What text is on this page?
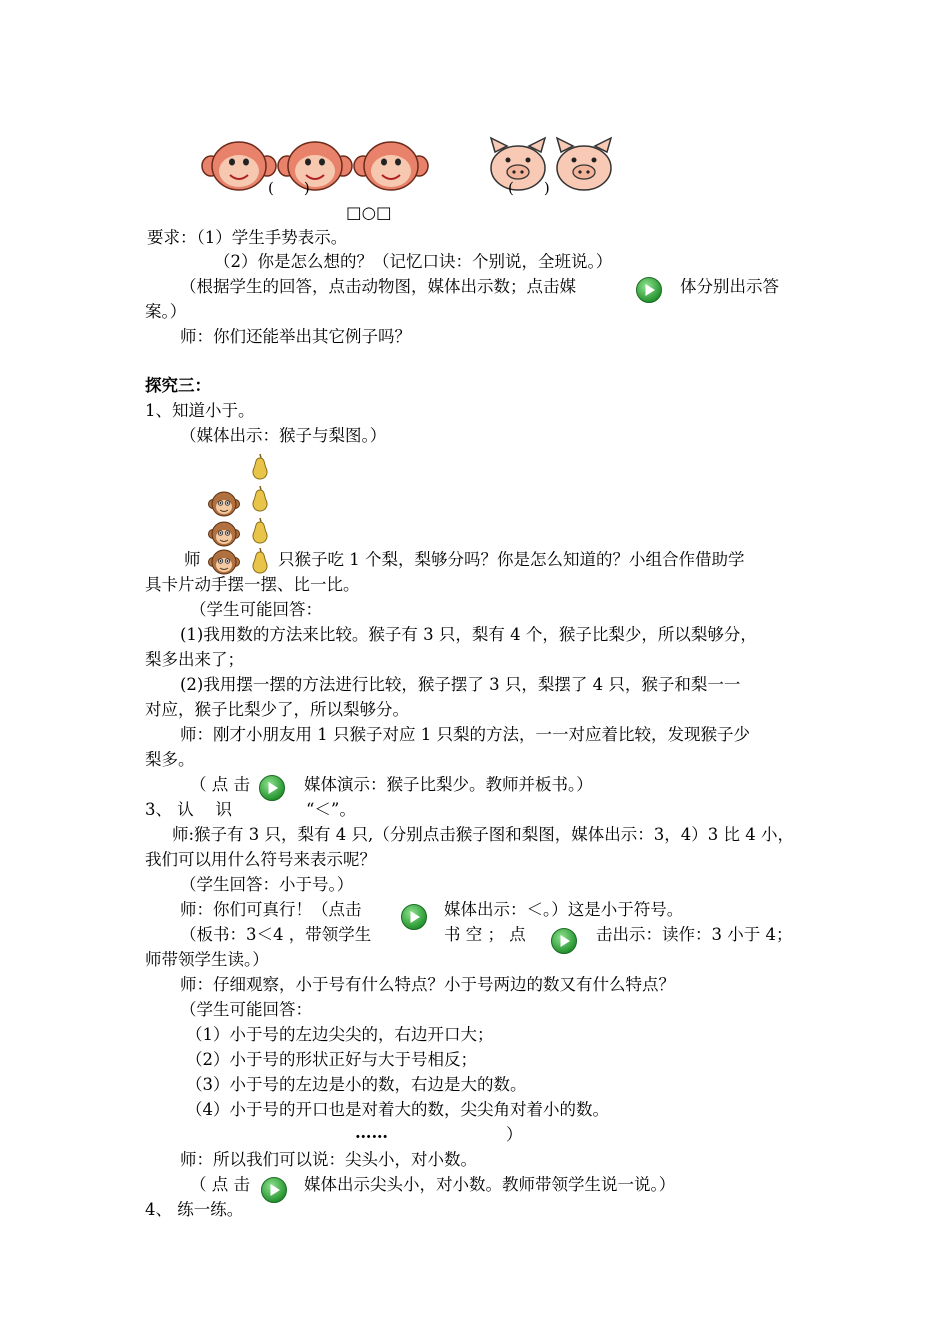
(　　)	(　　)
□○□
要求：（1）学生手势表示。
（2）你是怎么想的？（记忆口诀：个别说，全班说。）
（根据学生的回答，点击动物图，媒体出示数；点击媒	体分别出示答
案。）
师：你们还能举出其它例子吗？
探究三：
1、知道小于。
（媒体出示：猴子与梨图。）
师	只猴子吃 1 个梨，梨够分吗？你是怎么知道的？小组合作借助学
具卡片动手摆一摆、比一比。
（学生可能回答：
(1)我用数的方法来比较。猴子有 3 只，梨有 4 个，猴子比梨少，所以梨够分，
梨多出来了；
(2)我用摆一摆的方法进行比较，猴子摆了 3 只，梨摆了 4 只，猴子和梨一一
对应，猴子比梨少了，所以梨够分。
师：刚才小朋友用 1 只猴子对应 1 只梨的方法，一一对应着比较，发现猴子少
梨多。
（ 点 击	媒体演示：猴子比梨少。教师并板书。）
3、 认　 识	“＜”。
师:猴子有 3 只，梨有 4 只,（分别点击猴子图和梨图，媒体出示：3，4）3 比 4 小，
我们可以用什么符号来表示呢？
（学生回答：小于号。）
师：你们可真行！（点击	媒体出示：＜。）这是小于符号。
（板书：3＜4 ，带领学生	书 空 ； 点	击出示：读作：3 小于 4；
师带领学生读。）
师：仔细观察，小于号有什么特点？小于号两边的数又有什么特点？
（学生可能回答：
（1）小于号的左边尖尖的，右边开口大；
（2）小于号的形状正好与大于号相反；
（3）小于号的左边是小的数，右边是大的数。
（4）小于号的开口也是对着大的数，尖尖角对着小的数。
……	）
师：所以我们可以说：尖头小，对小数。
（ 点 击	媒体出示尖头小，对小数。教师带领学生说一说。）
4、 练一练。
